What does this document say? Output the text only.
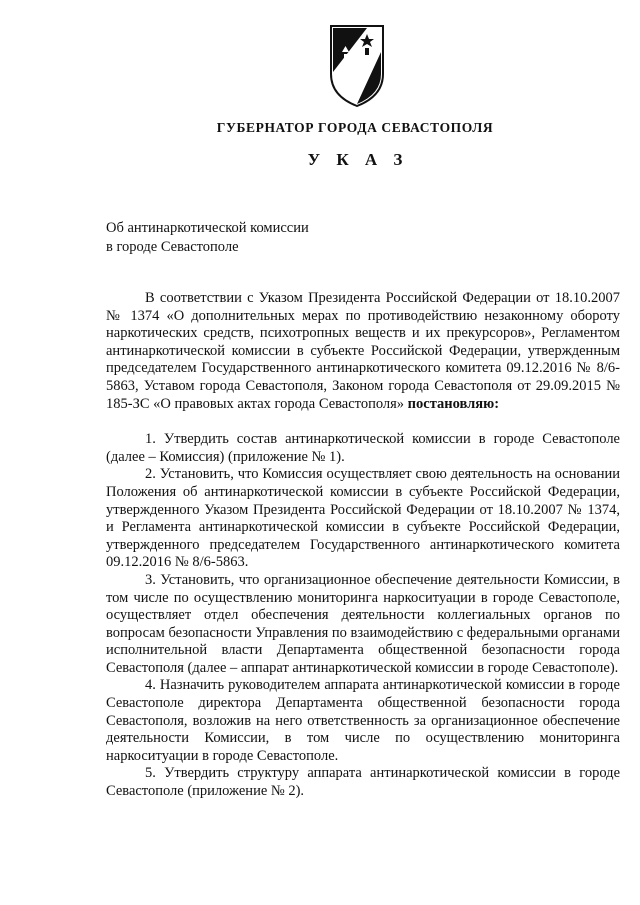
ГУБЕРНАТОР ГОРОДА СЕВАСТОПОЛЯ
У К А З
Об антинаркотической комиссии
в городе Севастополе

В соответствии с Указом Президента Российской Федерации от 18.10.2007 № 1374 «О дополнительных мерах по противодействию незаконному обороту наркотических средств, психотропных веществ и их прекурсоров», Регламентом антинаркотической комиссии в субъекте Российской Федерации, утвержденным председателем Государственного антинаркотического комитета 09.12.2016 № 8/6-5863, Уставом города Севастополя, Законом города Севастополя от 29.09.2015 № 185-ЗС «О правовых актах города Севастополя» постановляю:

1. Утвердить состав антинаркотической комиссии в городе Севастополе (далее – Комиссия) (приложение № 1).

2. Установить, что Комиссия осуществляет свою деятельность на основании Положения об антинаркотической комиссии в субъекте Российской Федерации, утвержденного Указом Президента Российской Федерации от 18.10.2007 № 1374, и Регламента антинаркотической комиссии в субъекте Российской Федерации, утвержденного председателем Государственного антинаркотического комитета 09.12.2016 № 8/6-5863.

3. Установить, что организационное обеспечение деятельности Комиссии, в том числе по осуществлению мониторинга наркоситуации в городе Севастополе, осуществляет отдел обеспечения деятельности коллегиальных органов по вопросам безопасности Управления по взаимодействию с федеральными органами исполнительной власти Департамента общественной безопасности города Севастополя (далее – аппарат антинаркотической комиссии в городе Севастополе).

4. Назначить руководителем аппарата антинаркотической комиссии в городе Севастополе директора Департамента общественной безопасности города Севастополя, возложив на него ответственность за организационное обеспечение деятельности Комиссии, в том числе по осуществлению мониторинга наркоситуации в городе Севастополе.

5. Утвердить структуру аппарата антинаркотической комиссии в городе Севастополе (приложение № 2).
